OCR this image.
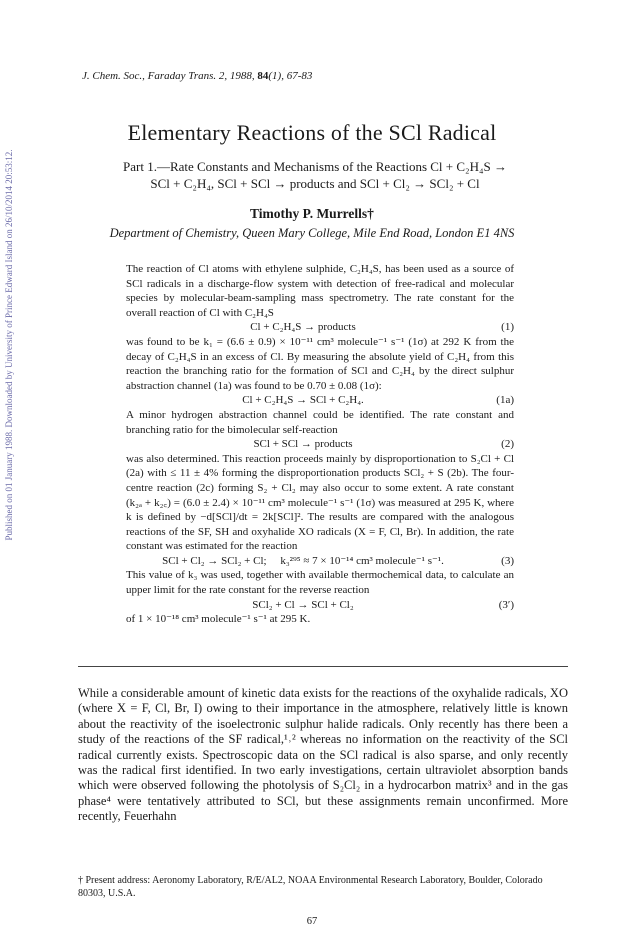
Published on 01 January 1988. Downloaded by University of Prince Edward Island on 26/10/2014 20:53:12.
J. Chem. Soc., Faraday Trans. 2, 1988, 84(1), 67-83
Elementary Reactions of the SCl Radical
Part 1.—Rate Constants and Mechanisms of the Reactions Cl + C₂H₄S →
SCl + C₂H₄, SCl + SCl → products and SCl + Cl₂ → SCl₂ + Cl
Timothy P. Murrells†
Department of Chemistry, Queen Mary College, Mile End Road, London E1 4NS

The reaction of Cl atoms with ethylene sulphide, C₂H₄S, has been used as a source of SCl radicals in a discharge-flow system with detection of free-radical and molecular species by molecular-beam-sampling mass spectrometry. The rate constant for the overall reaction of Cl with C₂H₄S

Cl + C₂H₄S → products	(1)

was found to be k₁ = (6.6 ± 0.9) × 10⁻¹¹ cm³ molecule⁻¹ s⁻¹ (1σ) at 292 K from the decay of C₂H₄S in an excess of Cl. By measuring the absolute yield of C₂H₄ from this reaction the branching ratio for the formation of SCl and C₂H₄ by the direct sulphur abstraction channel (1a) was found to be 0.70 ± 0.08 (1σ):

Cl + C₂H₄S → SCl + C₂H₄.	(1a)

A minor hydrogen abstraction channel could be identified. The rate constant and branching ratio for the bimolecular self-reaction

SCl + SCl → products	(2)

was also determined. This reaction proceeds mainly by disproportionation to S₂Cl + Cl (2a) with ≤ 11 ± 4% forming the disproportionation products SCl₂ + S (2b). The four-centre reaction (2c) forming S₂ + Cl₂ may also occur to some extent. A rate constant (k₂ₐ + k₂꜀) = (6.0 ± 2.4) × 10⁻¹¹ cm³ molecule⁻¹ s⁻¹ (1σ) was measured at 295 K, where k is defined by −d[SCl]/dt = 2k[SCl]². The results are compared with the analogous reactions of the SF, SH and oxyhalide XO radicals (X = F, Cl, Br). In addition, the rate constant was estimated for the reaction

SCl + Cl₂ → SCl₂ + Cl;     k₃²⁹⁵ ≈ 7 × 10⁻¹⁴ cm³ molecule⁻¹ s⁻¹.	(3)

This value of k₃ was used, together with available thermochemical data, to calculate an upper limit for the rate constant for the reverse reaction

SCl₂ + Cl → SCl + Cl₂	(3′)

of 1 × 10⁻¹⁸ cm³ molecule⁻¹ s⁻¹ at 295 K.

While a considerable amount of kinetic data exists for the reactions of the oxyhalide radicals, XO (where X = F, Cl, Br, I) owing to their importance in the atmosphere, relatively little is known about the reactivity of the isoelectronic sulphur halide radicals. Only recently has there been a study of the reactions of the SF radical,¹˒² whereas no information on the reactivity of the SCl radical currently exists. Spectroscopic data on the SCl radical is also sparse, and only recently was the radical first identified. In two early investigations, certain ultraviolet absorption bands which were observed following the photolysis of S₂Cl₂ in a hydrocarbon matrix³ and in the gas phase⁴ were tentatively attributed to SCl, but these assignments remain unconfirmed. More recently, Feuerhahn

† Present address: Aeronomy Laboratory, R/E/AL2, NOAA Environmental Research Laboratory, Boulder, Colorado 80303, U.S.A.

67
